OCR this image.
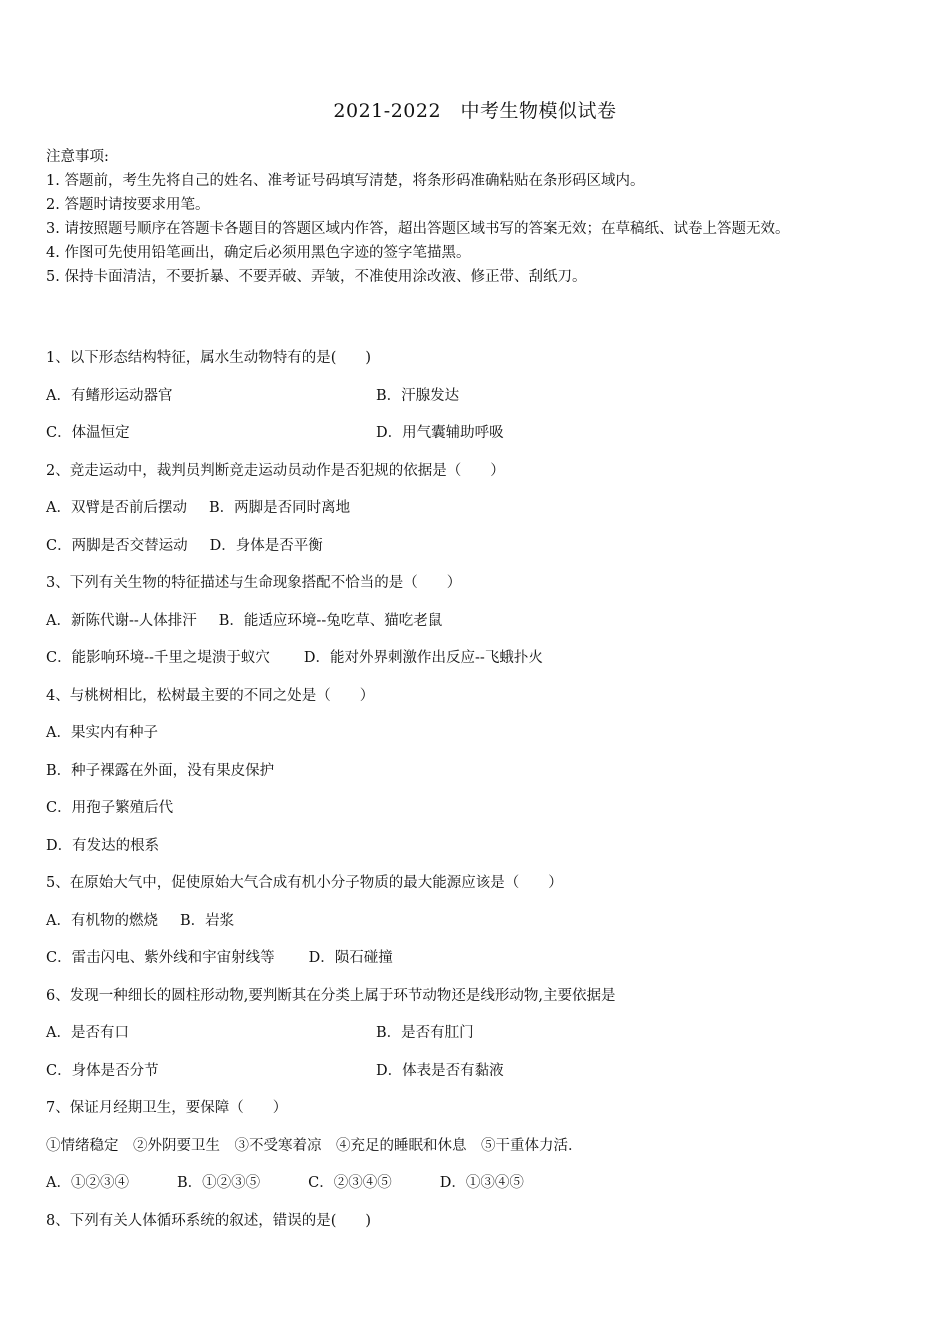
2021-2022　中考生物模似试卷
注意事项:
1. 答题前，考生先将自己的姓名、准考证号码填写清楚，将条形码准确粘贴在条形码区域内。
2. 答题时请按要求用笔。
3. 请按照题号顺序在答题卡各题目的答题区域内作答，超出答题区域书写的答案无效；在草稿纸、试卷上答题无效。
4. 作图可先使用铅笔画出，确定后必须用黑色字迹的签字笔描黑。
5. 保持卡面清洁，不要折暴、不要弄破、弄皱，不准使用涂改液、修正带、刮纸刀。
1、以下形态结构特征，属水生动物特有的是(　　)
A．有鳍形运动器官	B．汗腺发达
C．体温恒定	D．用气囊辅助呼吸
2、竞走运动中，裁判员判断竞走运动员动作是否犯规的依据是（　　）
A．双臂是否前后摆动 B．两脚是否同时离地
C．两脚是否交替运动 D．身体是否平衡
3、下列有关生物的特征描述与生命现象搭配不恰当的是（　　）
A．新陈代谢--人体排汗 B．能适应环境--兔吃草、猫吃老鼠
C．能影响环境--千里之堤溃于蚁穴 D．能对外界刺激作出反应--飞蛾扑火
4、与桃树相比，松树最主要的不同之处是（　　）
A．果实内有种子
B．种子裸露在外面，没有果皮保护
C．用孢子繁殖后代
D．有发达的根系
5、在原始大气中，促使原始大气合成有机小分子物质的最大能源应该是（　　）
A．有机物的燃烧 B．岩浆
C．雷击闪电、紫外线和宇宙射线等 D．陨石碰撞
6、发现一种细长的圆柱形动物,要判断其在分类上属于环节动物还是线形动物,主要依据是
A．是否有口	B．是否有肛门
C．身体是否分节	D．体表是否有黏液
7、保证月经期卫生，要保障（　　）
①情绪稳定　②外阴要卫生　③不受寒着凉　④充足的睡眠和休息　⑤干重体力活．
A．①②③④	B．①②③⑤	C．②③④⑤	D．①③④⑤
8、下列有关人体循环系统的叙述，错误的是(　　)
